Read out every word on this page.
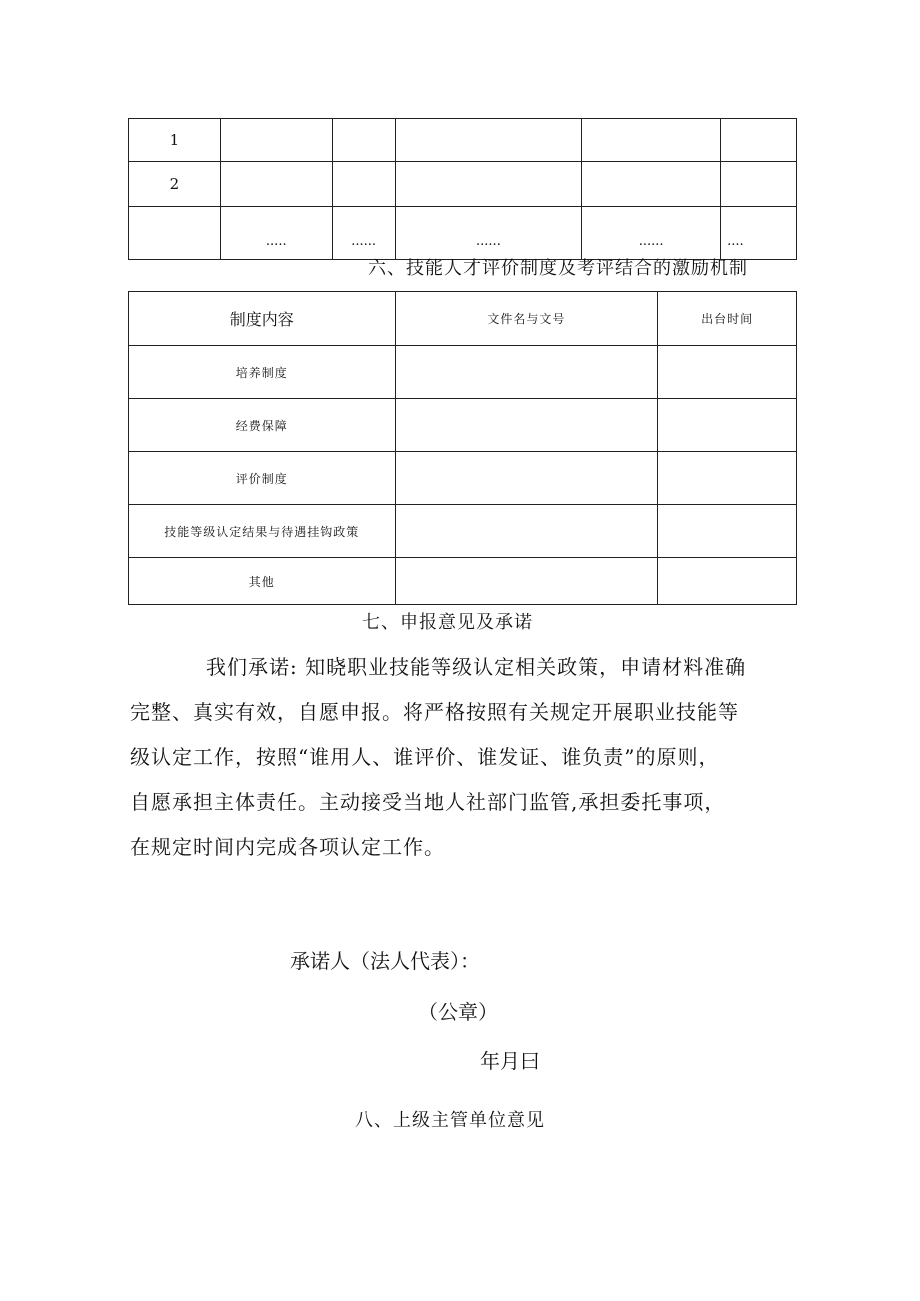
1					
2					
	.....	......	......	......	....
六、技能人才评价制度及考评结合的激励机制
制度内容	文件名与文号	出台时间
培养制度		
经费保障		
评价制度		
技能等级认定结果与待遇挂钩政策		
其他		
七、申报意见及承诺

我们承诺: 知晓职业技能等级认定相关政策，申请材料准确

完整、真实有效，自愿申报。将严格按照有关规定开展职业技能等

级认定工作，按照“谁用人、谁评价、谁发证、谁负责”的原则，

自愿承担主体责任。主动接受当地人社部门监管,承担委托事项，

在规定时间内完成各项认定工作。

承诺人（法人代表）：
（公章）
年月曰
八、上级主管单位意见
